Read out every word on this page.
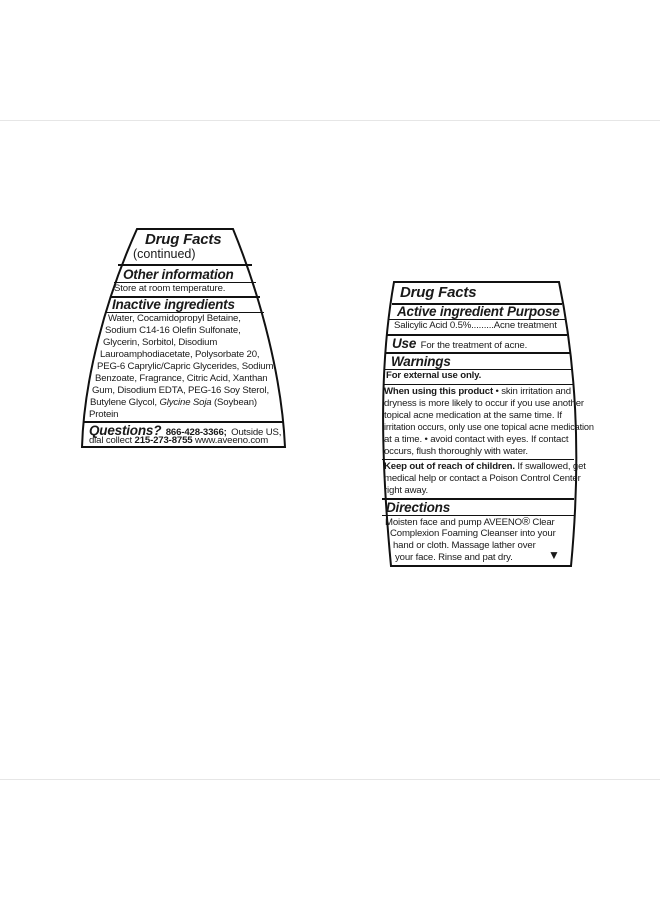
Drug Facts
(continued)
Other information
Store at room temperature.
Inactive ingredients
Water, Cocamidopropyl Betaine,
Sodium C14-16 Olefin Sulfonate,
Glycerin, Sorbitol, Disodium
Lauroamphodiacetate, Polysorbate 20,
PEG-6 Caprylic/Capric Glycerides, Sodium
Benzoate, Fragrance, Citric Acid, Xanthan
Gum, Disodium EDTA, PEG-16 Soy Sterol,
Butylene Glycol, Glycine Soja (Soybean)
Protein
Questions? 866-428-3366; Outside US,
dial collect 215-273-8755 www.aveeno.com
Drug Facts
Active ingredient Purpose
Salicylic Acid 0.5%.........Acne treatment
Use For the treatment of acne.
Warnings
For external use only.
When using this product • skin irritation and
dryness is more likely to occur if you use another
topical acne medication at the same time. If
irritation occurs, only use one topical acne medication
at a time. • avoid contact with eyes. If contact
occurs, flush thoroughly with water.
Keep out of reach of children. If swallowed, get
medical help or contact a Poison Control Center
right away.
Directions
Moisten face and pump AVEENO® Clear
Complexion Foaming Cleanser into your
hand or cloth. Massage lather over
your face. Rinse and pat dry.	▼
